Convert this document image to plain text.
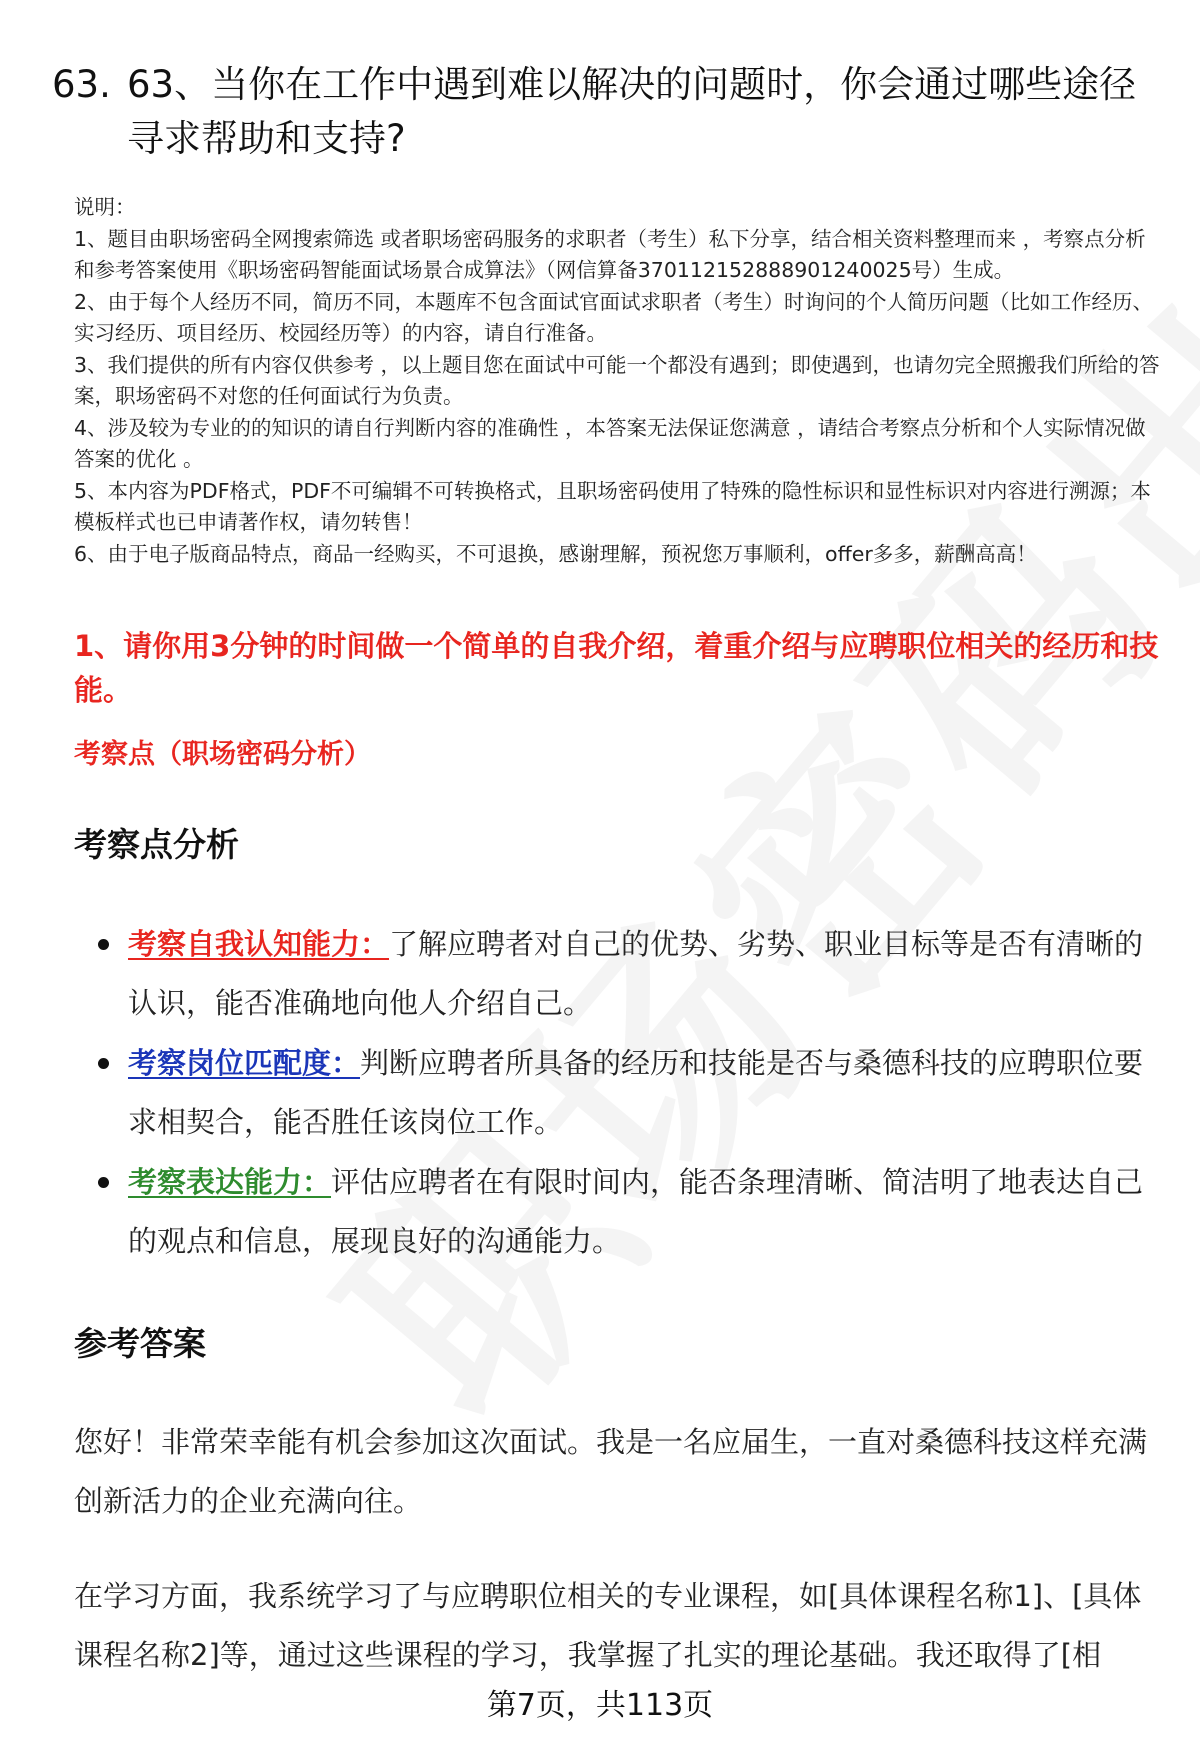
63. 63、当你在工作中遇到难以解决的问题时，你会通过哪些途径寻求帮助和支持?

说明：

1、题目由职场密码全网搜索筛选 或者职场密码服务的求职者（考生）私下分享，结合相关资料整理而来 ，考察点分析和参考答案使用《职场密码智能面试场景合成算法》（网信算备370112152888901240025号）生成。

2、由于每个人经历不同，简历不同，本题库不包含面试官面试求职者（考生）时询问的个人简历问题（比如工作经历、实习经历、项目经历、校园经历等）的内容，请自行准备。

3、我们提供的所有内容仅供参考 ，以上题目您在面试中可能一个都没有遇到；即使遇到，也请勿完全照搬我们所给的答案，职场密码不对您的任何面试行为负责。

4、涉及较为专业的的知识的请自行判断内容的准确性 ，本答案无法保证您满意 ，请结合考察点分析和个人实际情况做答案的优化 。

5、本内容为PDF格式，PDF不可编辑不可转换格式，且职场密码使用了特殊的隐性标识和显性标识对内容进行溯源；本模板样式也已申请著作权，请勿转售！

6、由于电子版商品特点，商品一经购买，不可退换，感谢理解，预祝您万事顺利，offer多多，薪酬高高！

1、请你用3分钟的时间做一个简单的自我介绍，着重介绍与应聘职位相关的经历和技能。
考察点（职场密码分析）
考察点分析
考察自我认知能力：了解应聘者对自己的优势、劣势、职业目标等是否有清晰的认识，能否准确地向他人介绍自己。
考察岗位匹配度：判断应聘者所具备的经历和技能是否与桑德科技的应聘职位要求相契合，能否胜任该岗位工作。
考察表达能力：评估应聘者在有限时间内，能否条理清晰、简洁明了地表达自己的观点和信息，展现良好的沟通能力。
参考答案

您好！非常荣幸能有机会参加这次面试。我是一名应届生，一直对桑德科技这样充满创新活力的企业充满向往。

在学习方面，我系统学习了与应聘职位相关的专业课程，如[具体课程名称1]、[具体课程名称2]等，通过这些课程的学习，我掌握了扎实的理论基础。我还取得了[相

第7页，共113页
